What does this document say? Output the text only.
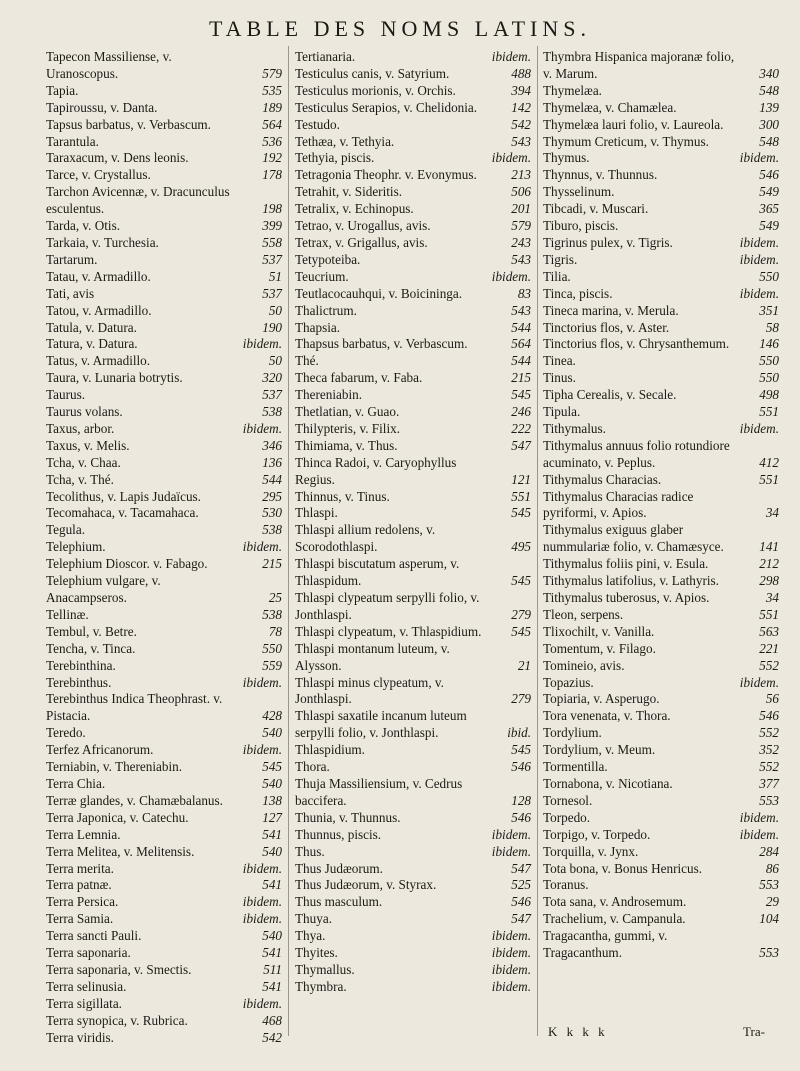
TABLE DES NOMS LATINS.
Tapecon Massiliense, v. Uranoscopus.	579
Tapia.	535
Tapiroussu, v. Danta.	189
Tapsus barbatus, v. Verbascum.	564
Tarantula.	536
Taraxacum, v. Dens leonis.	192
Tarce, v. Crystallus.	178
Tarchon Avicennæ, v. Dracunculus esculentus.	198
Tarda, v. Otis.	399
Tarkaia, v. Turchesia.	558
Tartarum.	537
Tatau, v. Armadillo.	51
Tati, avis	537
Tatou, v. Armadillo.	50
Tatula, v. Datura.	190
Tatura, v. Datura.	ibidem.
Tatus, v. Armadillo.	50
Taura, v. Lunaria botrytis.	320
Taurus.	537
Taurus volans.	538
Taxus, arbor.	ibidem.
Taxus, v. Melis.	346
Tcha, v. Chaa.	136
Tcha, v. Thé.	544
Tecolithus, v. Lapis Judaïcus.	295
Tecomahaca, v. Tacamahaca.	530
Tegula.	538
Telephium.	ibidem.
Telephium Dioscor. v. Fabago.	215
Telephium vulgare, v. Anacampseros.	25
Tellinæ.	538
Tembul, v. Betre.	78
Tencha, v. Tinca.	550
Terebinthina.	559
Terebinthus.	ibidem.
Terebinthus Indica Theophrast. v. Pistacia.	428
Teredo.	540
Terfez Africanorum.	ibidem.
Terniabin, v. Thereniabin.	545
Terra Chia.	540
Terræ glandes, v. Chamæbalanus.	138
Terra Japonica, v. Catechu.	127
Terra Lemnia.	541
Terra Melitea, v. Melitensis.	540
Terra merita.	ibidem.
Terra patnæ.	541
Terra Persica.	ibidem.
Terra Samia.	ibidem.
Terra sancti Pauli.	540
Terra saponaria.	541
Terra saponaria, v. Smectis.	511
Terra selinusia.	541
Terra sigillata.	ibidem.
Terra synopica, v. Rubrica.	468
Terra viridis.	542
Tertianaria.	ibidem.
Testiculus canis, v. Satyrium.	488
Testiculus morionis, v. Orchis.	394
Testiculus Serapios, v. Chelidonia.	142
Testudo.	542
Tethæa, v. Tethyia.	543
Tethyia, piscis.	ibidem.
Tetragonia Theophr. v. Evonymus.	213
Tetrahit, v. Sideritis.	506
Tetralix, v. Echinopus.	201
Tetrao, v. Urogallus, avis.	579
Tetrax, v. Grigallus, avis.	243
Tetypoteiba.	543
Teucrium.	ibidem.
Teutlacocauhqui, v. Boicininga.	83
Thalictrum.	543
Thapsia.	544
Thapsus barbatus, v. Verbascum.	564
Thé.	544
Theca fabarum, v. Faba.	215
Thereniabin.	545
Thetlatian, v. Guao.	246
Thilypteris, v. Filix.	222
Thimiama, v. Thus.	547
Thinca Radoi, v. Caryophyllus Regius.	121
Thinnus, v. Tinus.	551
Thlaspi.	545
Thlaspi allium redolens, v. Scorodothlaspi.	495
Thlaspi biscutatum asperum, v. Thlaspidum.	545
Thlaspi clypeatum serpylli folio, v. Jonthlaspi.	279
Thlaspi clypeatum, v. Thlaspidium. 545
Thlaspi montanum luteum, v. Alysson.	21
Thlaspi minus clypeatum, v. Jonthlaspi.	279
Thlaspi saxatile incanum luteum serpylli folio, v. Jonthlaspi.	ibid.
Thlaspidium.	545
Thora.	546
Thuja Massiliensium, v. Cedrus baccifera.	128
Thunia, v. Thunnus.	546
Thunnus, piscis.	ibidem.
Thus.	ibidem.
Thus Judæorum.	547
Thus Judæorum, v. Styrax.	525
Thus masculum.	546
Thuya.	547
Thya.	ibidem.
Thyites.	ibidem.
Thymallus.	ibidem.
Thymbra.	ibidem.
Thymbra Hispanica majoranæ folio, v. Marum.	340
Thymelæa.	548
Thymelæa, v. Chamælea.	139
Thymelæa lauri folio, v. Laureola.	300
Thymum Creticum, v. Thymus.	548
Thymus.	ibidem.
Thynnus, v. Thunnus.	546
Thysselinum.	549
Tibcadi, v. Muscari.	365
Tiburo, piscis.	549
Tigrinus pulex, v. Tigris.	ibidem.
Tigris.	ibidem.
Tilia.	550
Tinca, piscis.	ibidem.
Tineca marina, v. Merula.	351
Tinctorius flos, v. Aster.	58
Tinctorius flos, v. Chrysanthemum. 146
Tinea.	550
Tinus.	550
Tipha Cerealis, v. Secale.	498
Tipula.	551
Tithymalus.	ibidem.
Tithymalus annuus folio rotundiore acuminato, v. Peplus.	412
Tithymalus Characias.	551
Tithymalus Characias radice pyriformi, v. Apios.	34
Tithymalus exiguus glaber nummulariæ folio, v. Chamæsyce.	141
Tithymalus foliis pini, v. Esula.	212
Tithymalus latifolius, v. Lathyris.	298
Tithymalus tuberosus, v. Apios.	34
Tleon, serpens.	551
Tlixochilt, v. Vanilla.	563
Tomentum, v. Filago.	221
Tomineio, avis.	552
Topazius.	ibidem.
Topiaria, v. Asperugo.	56
Tora venenata, v. Thora.	546
Tordylium.	552
Tordylium, v. Meum.	352
Tormentilla.	552
Tornabona, v. Nicotiana.	377
Tornesol.	553
Torpedo.	ibidem.
Torpigo, v. Torpedo.	ibidem.
Torquilla, v. Jynx.	284
Tota bona, v. Bonus Henricus.	86
Toranus.	553
Tota sana, v. Androsemum.	29
Trachelium, v. Campanula.	104
Tragacantha, gummi, v. Tragacanthum.	553
K k k k	Tra-
